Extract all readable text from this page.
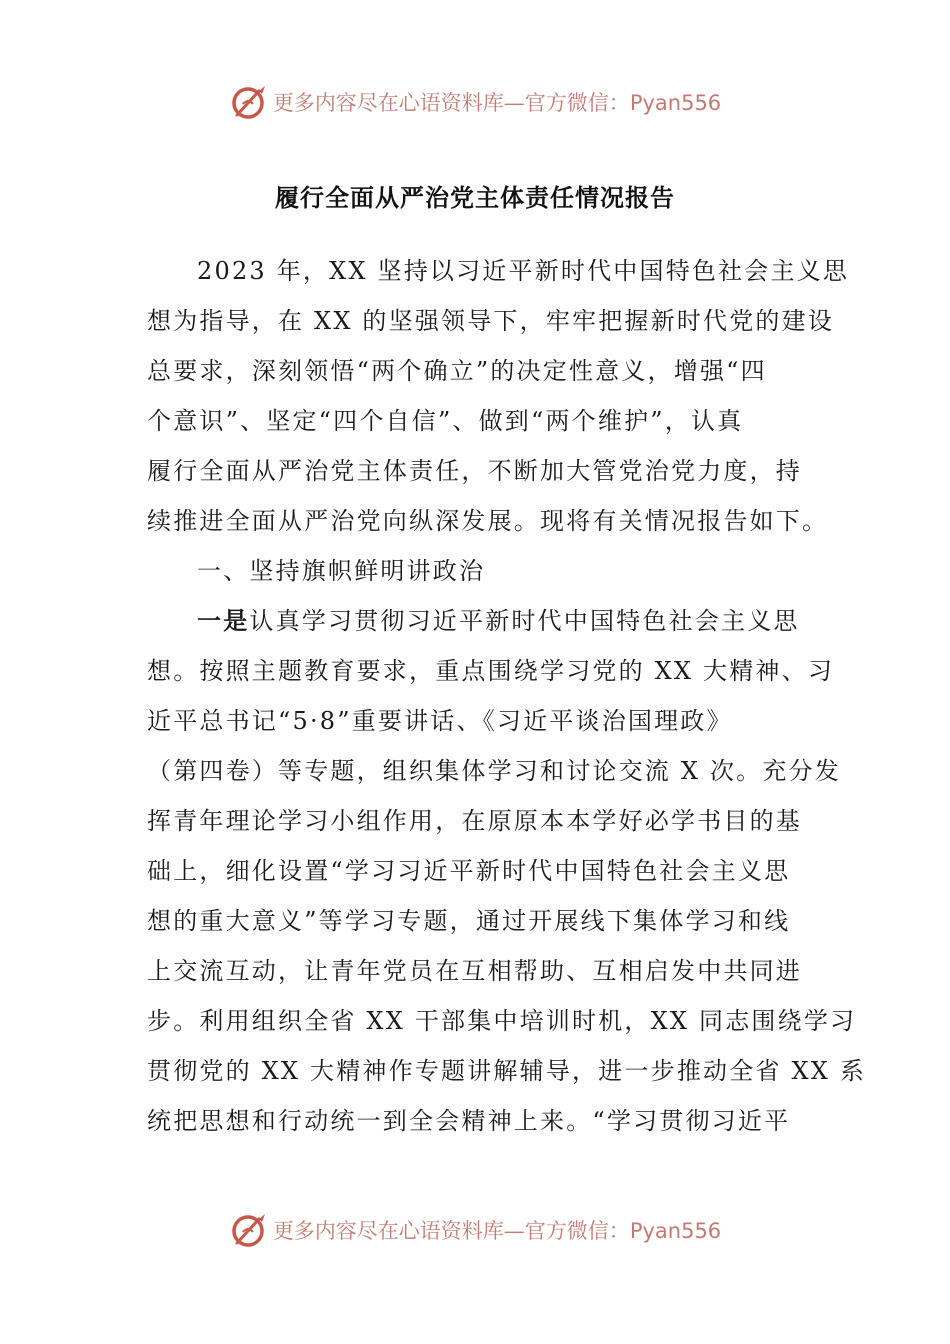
更多内容尽在心语资料库—官方微信：Pyan556
履行全面从严治党主体责任情况报告
2023 年，XX 坚持以习近平新时代中国特色社会主义思
想为指导，在 XX 的坚强领导下，牢牢把握新时代党的建设
总要求，深刻领悟“两个确立”的决定性意义，增强“四
个意识”、坚定“四个自信”、做到“两个维护”，认真
履行全面从严治党主体责任，不断加大管党治党力度，持
续推进全面从严治党向纵深发展。现将有关情况报告如下。
一、坚持旗帜鲜明讲政治
一是认真学习贯彻习近平新时代中国特色社会主义思
想。按照主题教育要求，重点围绕学习党的 XX 大精神、习
近平总书记“5·8”重要讲话、《习近平谈治国理政》
（第四卷）等专题，组织集体学习和讨论交流 X 次。充分发
挥青年理论学习小组作用，在原原本本学好必学书目的基
础上，细化设置“学习习近平新时代中国特色社会主义思
想的重大意义”等学习专题，通过开展线下集体学习和线
上交流互动，让青年党员在互相帮助、互相启发中共同进
步。利用组织全省 XX 干部集中培训时机，XX 同志围绕学习
贯彻党的 XX 大精神作专题讲解辅导，进一步推动全省 XX 系
统把思想和行动统一到全会精神上来。“学习贯彻习近平
更多内容尽在心语资料库—官方微信：Pyan556
